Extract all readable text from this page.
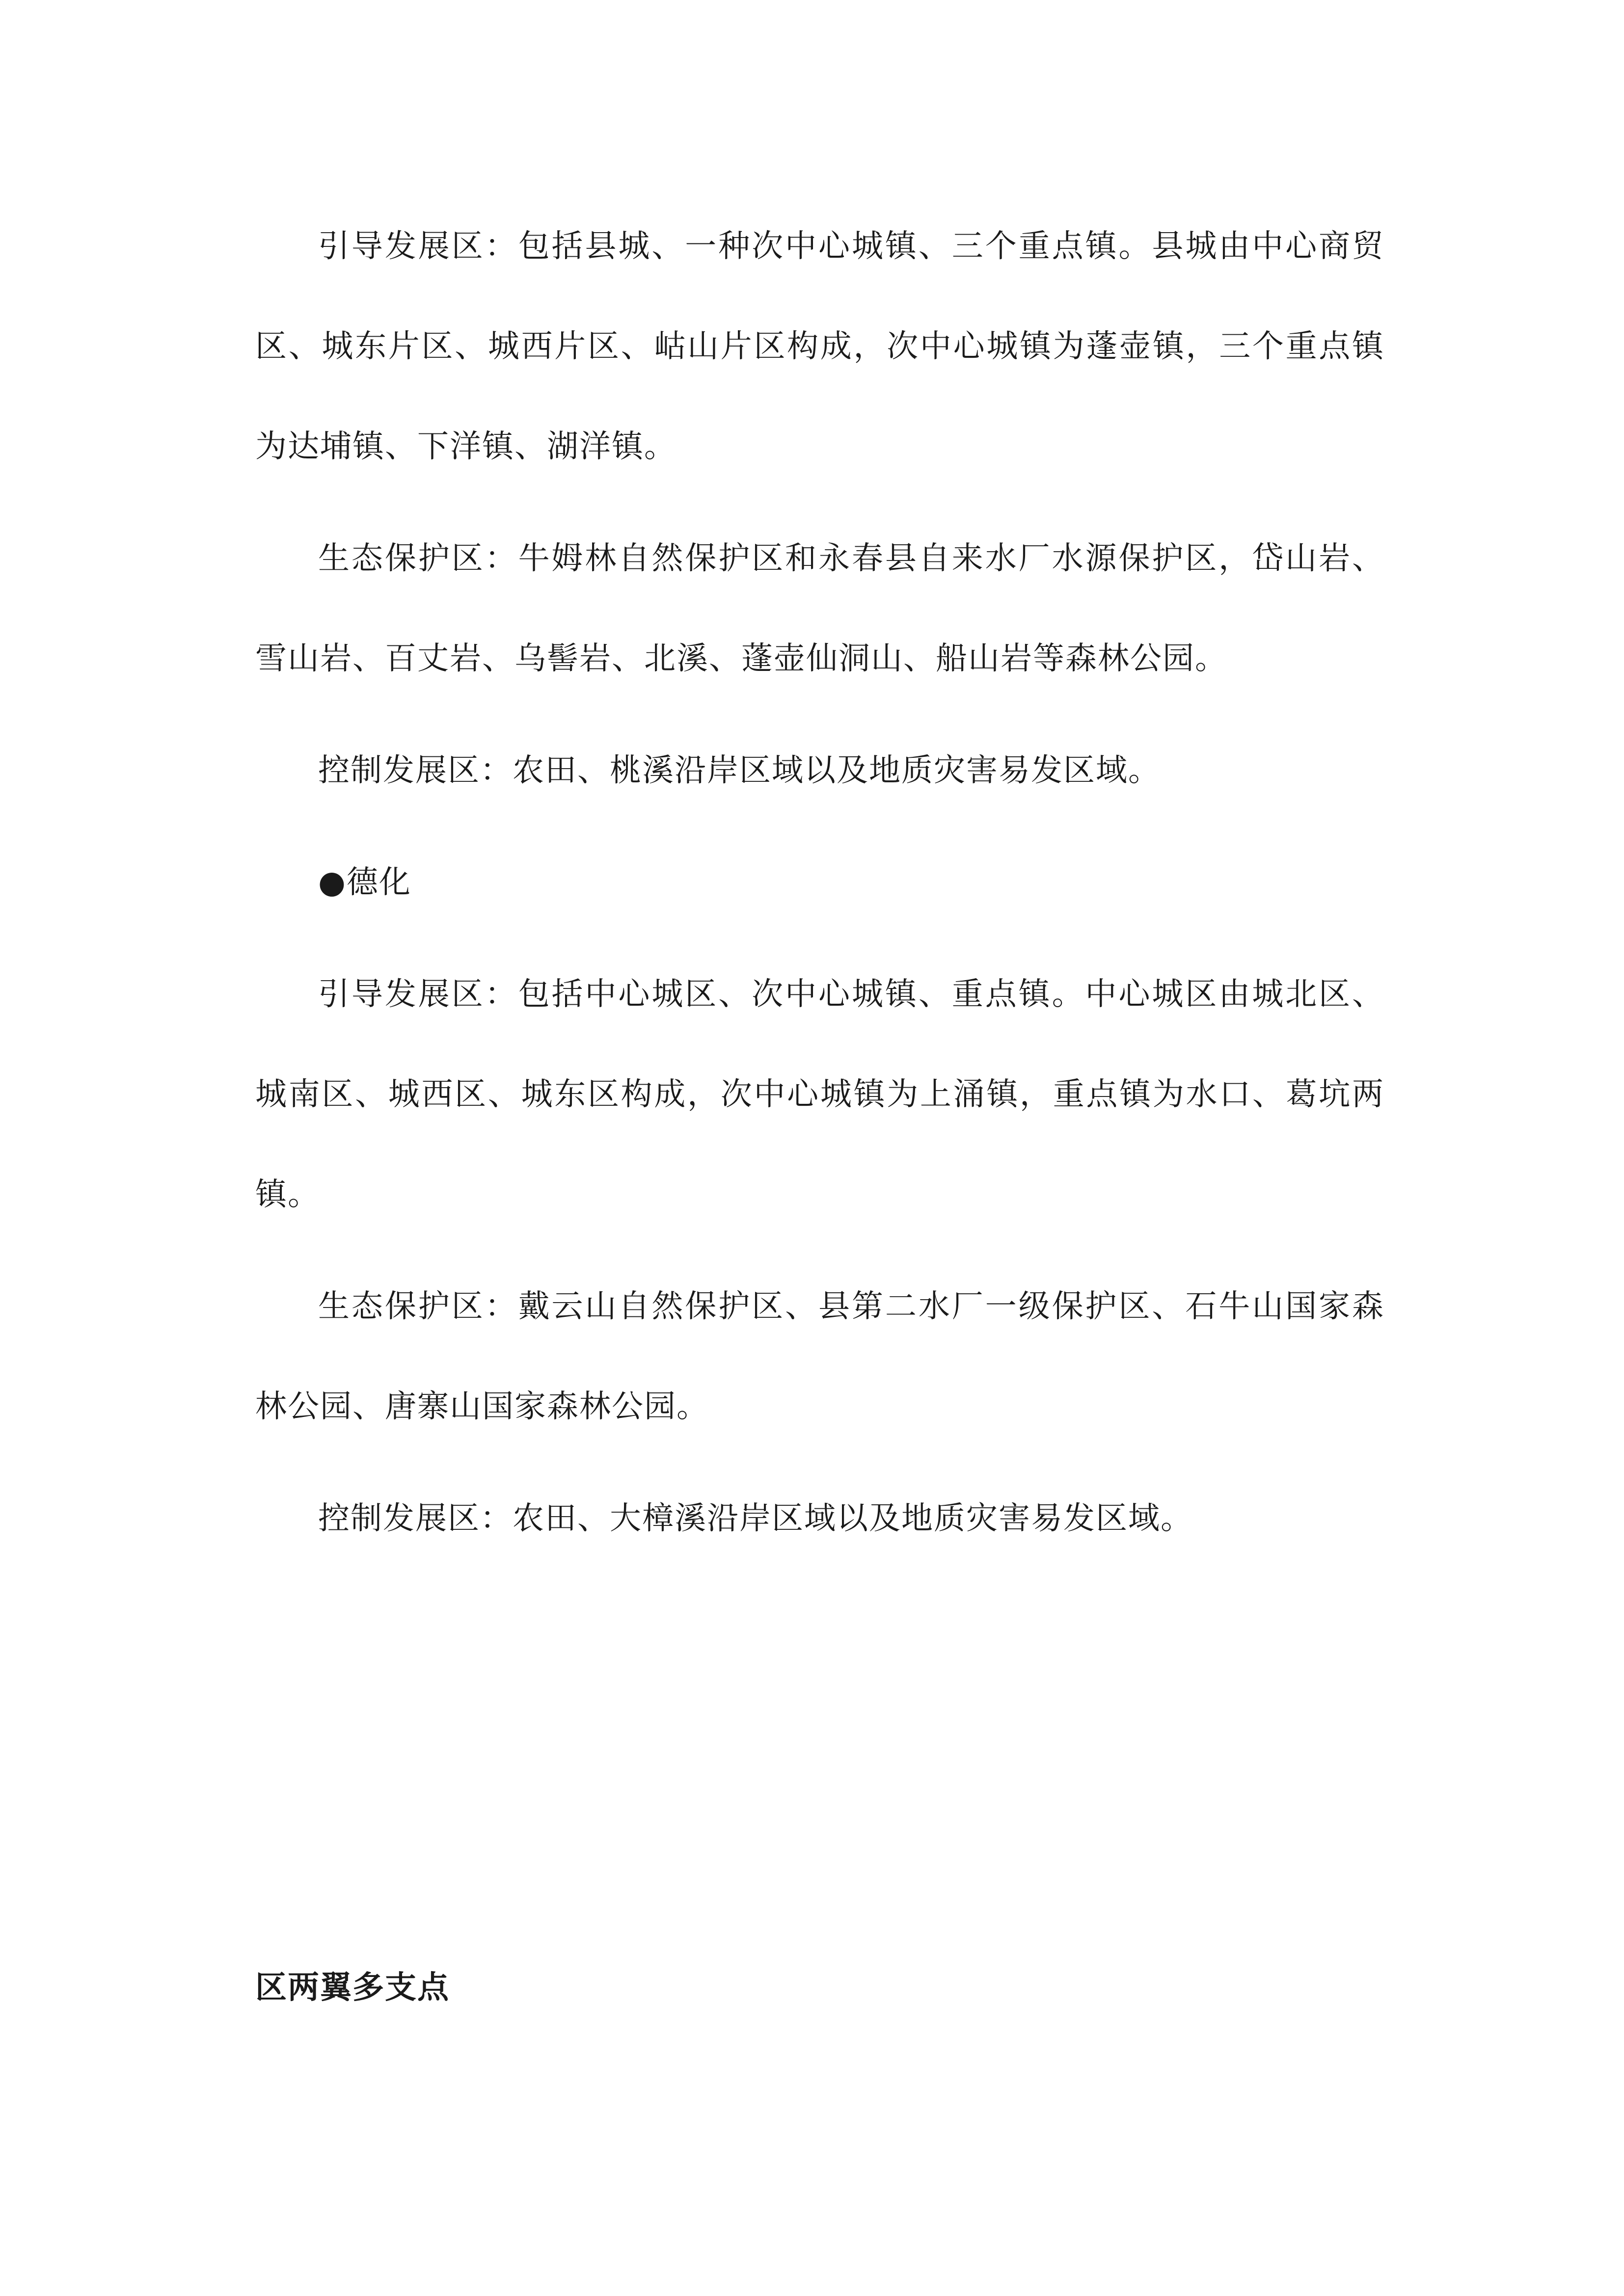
引导发展区：包括县城、一种次中心城镇、三个重点镇。县城由中心商贸区、城东片区、城西片区、岵山片区构成，次中心城镇为蓬壶镇，三个重点镇为达埔镇、下洋镇、湖洋镇。

生态保护区：牛姆林自然保护区和永春县自来水厂水源保护区，岱山岩、雪山岩、百丈岩、乌髻岩、北溪、蓬壶仙洞山、船山岩等森林公园。

控制发展区：农田、桃溪沿岸区域以及地质灾害易发区域。

●德化

引导发展区：包括中心城区、次中心城镇、重点镇。中心城区由城北区、城南区、城西区、城东区构成，次中心城镇为上涌镇，重点镇为水口、葛坑两镇。

生态保护区：戴云山自然保护区、县第二水厂一级保护区、石牛山国家森林公园、唐寨山国家森林公园。

控制发展区：农田、大樟溪沿岸区域以及地质灾害易发区域。

区两翼多支点
